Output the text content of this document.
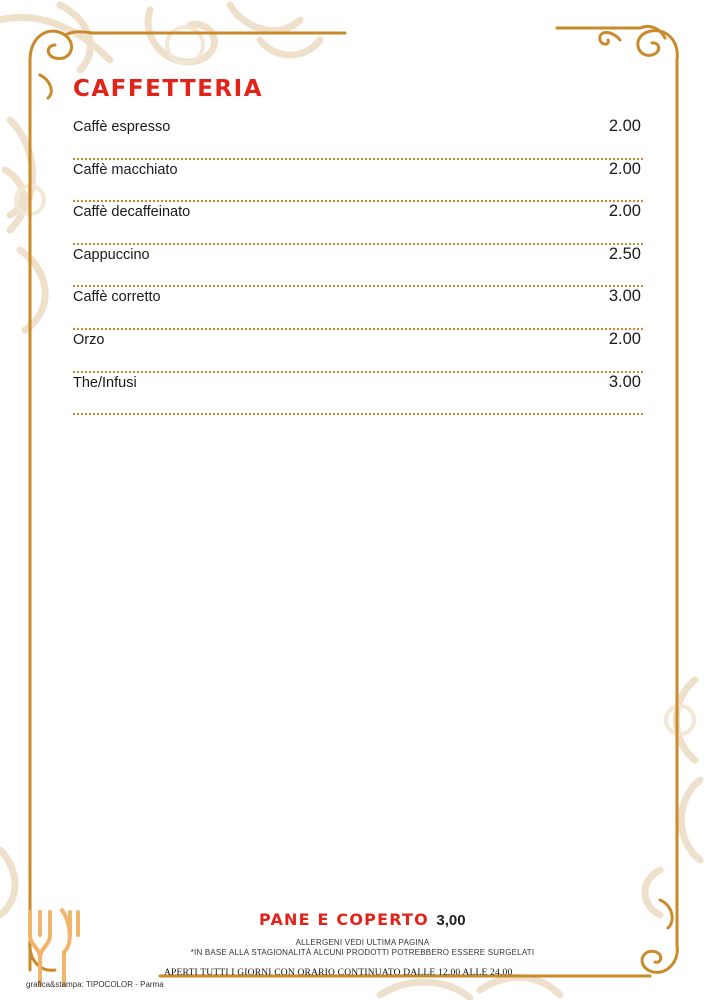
CAFFETTERIA
Caffè espresso	2.00
Caffè macchiato	2.00
Caffè decaffeinato	2.00
Cappuccino	2.50
Caffè corretto	3.00
Orzo	2.00
The/Infusi	3.00
PANE E COPERTO 3,00
ALLERGENI VEDI ULTIMA PAGINA
*IN BASE ALLA STAGIONALITÀ ALCUNI PRODOTTI POTREBBERO ESSERE SURGELATI
APERTI TUTTI I GIORNI CON ORARIO CONTINUATO DALLE 12.00 ALLE 24.00
grafica&stampa: TIPOCOLOR - Parma
